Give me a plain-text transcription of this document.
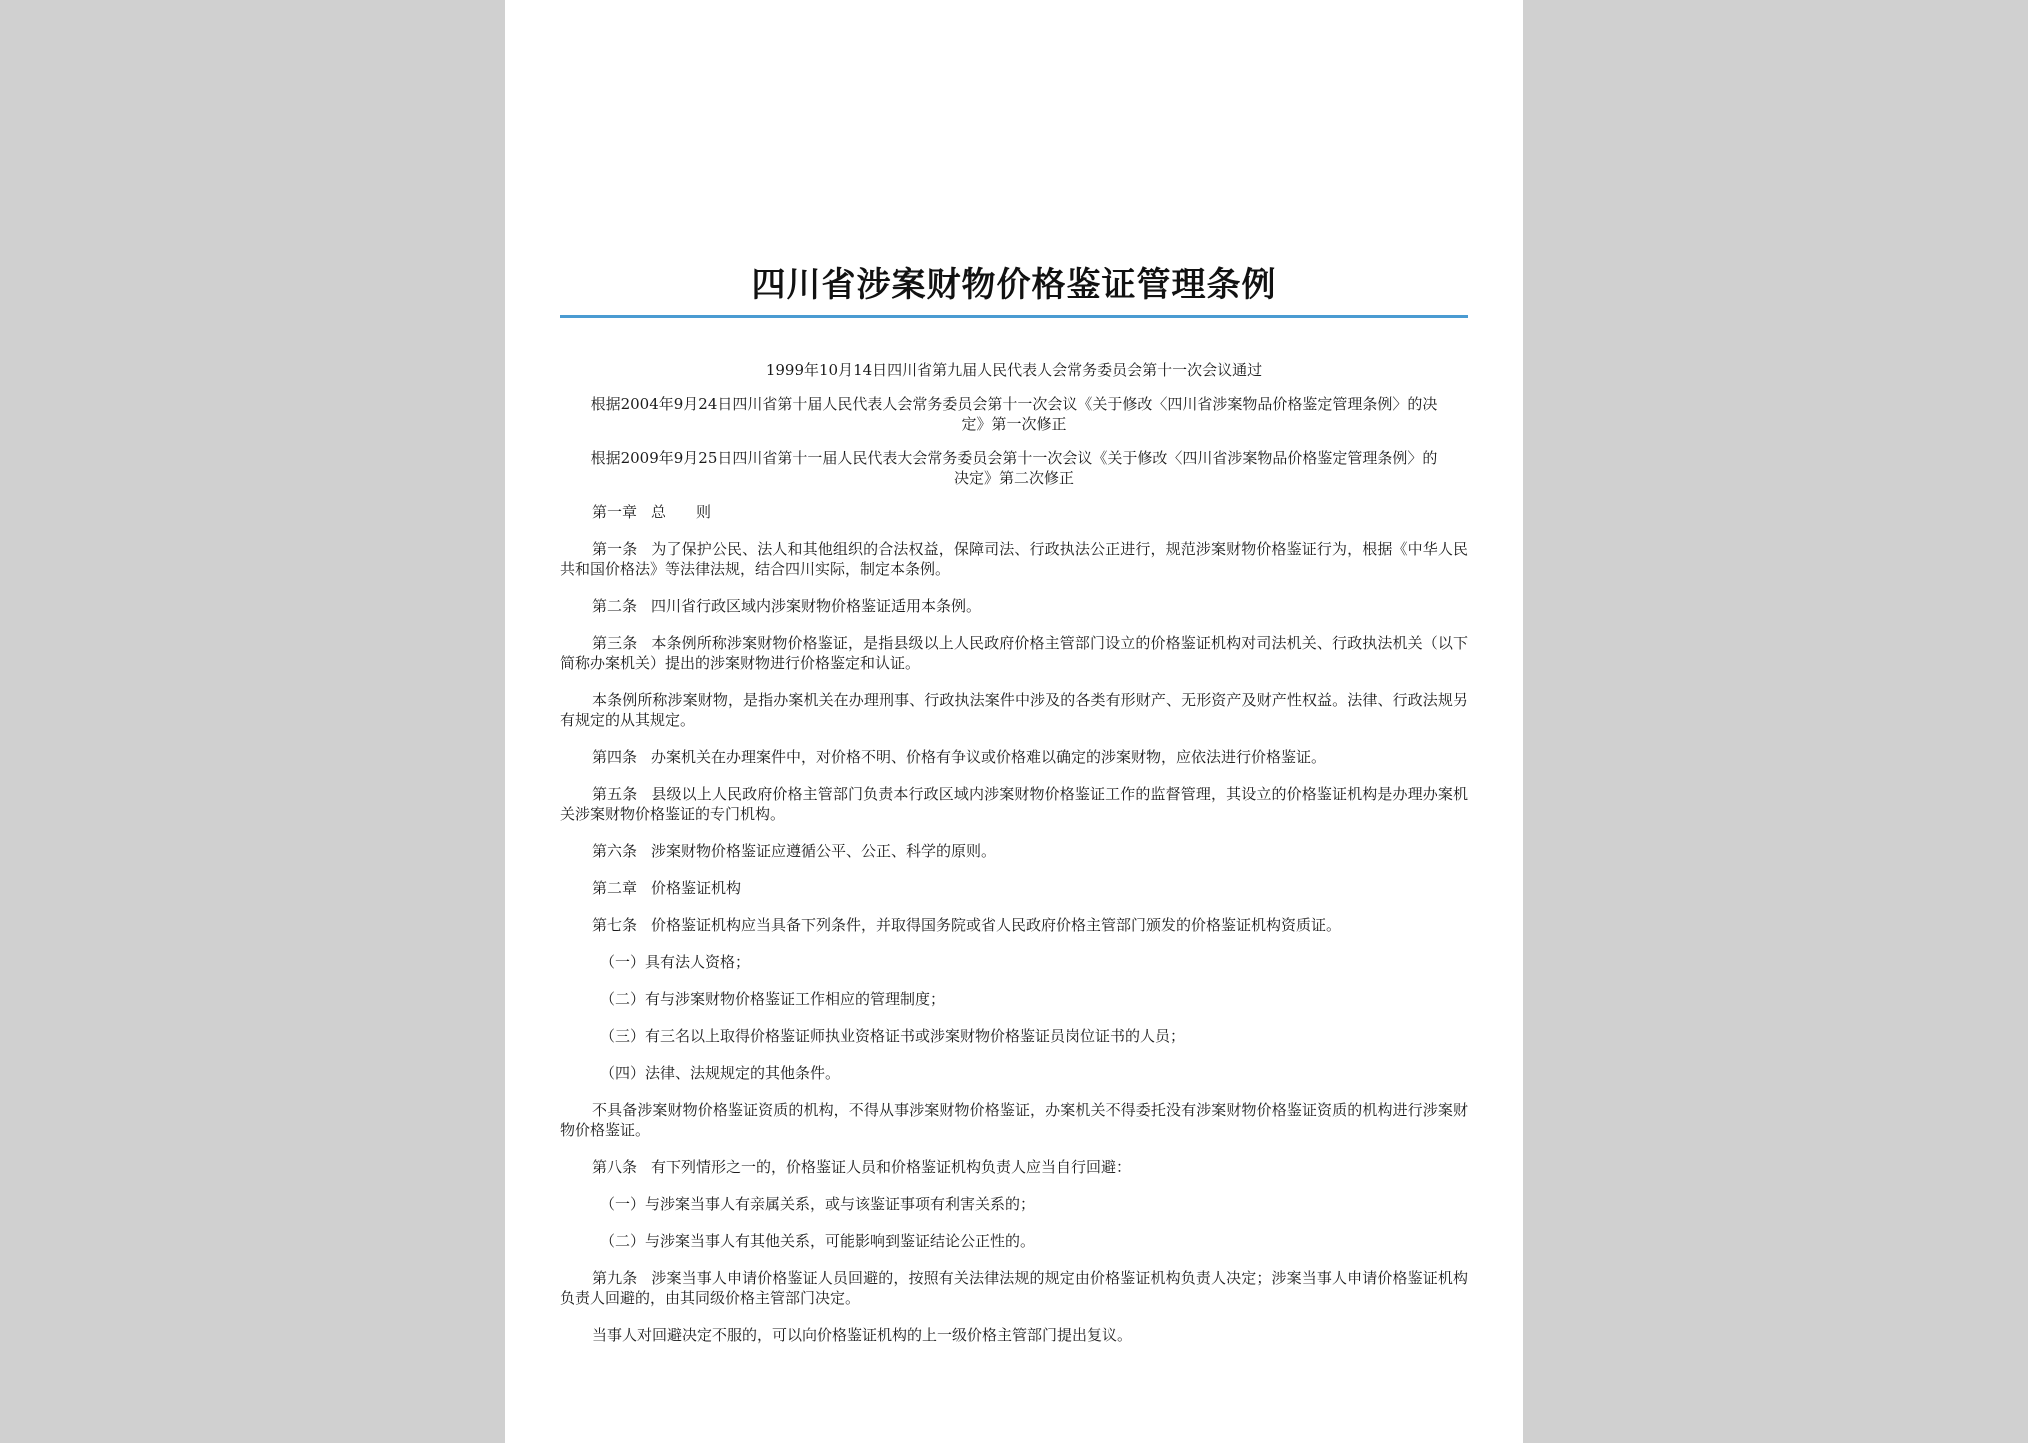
四川省涉案财物价格鉴证管理条例

1999年10月14日四川省第九届人民代表人会常务委员会第十一次会议通过

根据2004年9月24日四川省第十届人民代表人会常务委员会第十一次会议《关于修改〈四川省涉案物品价格鉴定管理条例〉的决定》第一次修正

根据2009年9月25日四川省第十一届人民代表大会常务委员会第十一次会议《关于修改〈四川省涉案物品价格鉴定管理条例〉的决定》第二次修正

第一章 总　　则

第一条 为了保护公民、法人和其他组织的合法权益，保障司法、行政执法公正进行，规范涉案财物价格鉴证行为，根据《中华人民共和国价格法》等法律法规，结合四川实际，制定本条例。

第二条 四川省行政区域内涉案财物价格鉴证适用本条例。

第三条 本条例所称涉案财物价格鉴证，是指县级以上人民政府价格主管部门设立的价格鉴证机构对司法机关、行政执法机关（以下简称办案机关）提出的涉案财物进行价格鉴定和认证。

本条例所称涉案财物，是指办案机关在办理刑事、行政执法案件中涉及的各类有形财产、无形资产及财产性权益。法律、行政法规另有规定的从其规定。

第四条 办案机关在办理案件中，对价格不明、价格有争议或价格难以确定的涉案财物，应依法进行价格鉴证。

第五条 县级以上人民政府价格主管部门负责本行政区域内涉案财物价格鉴证工作的监督管理，其设立的价格鉴证机构是办理办案机关涉案财物价格鉴证的专门机构。

第六条 涉案财物价格鉴证应遵循公平、公正、科学的原则。

第二章 价格鉴证机构

第七条 价格鉴证机构应当具备下列条件，并取得国务院或省人民政府价格主管部门颁发的价格鉴证机构资质证。

（一）具有法人资格；

（二）有与涉案财物价格鉴证工作相应的管理制度；

（三）有三名以上取得价格鉴证师执业资格证书或涉案财物价格鉴证员岗位证书的人员；

（四）法律、法规规定的其他条件。

不具备涉案财物价格鉴证资质的机构，不得从事涉案财物价格鉴证，办案机关不得委托没有涉案财物价格鉴证资质的机构进行涉案财物价格鉴证。

第八条 有下列情形之一的，价格鉴证人员和价格鉴证机构负责人应当自行回避：

（一）与涉案当事人有亲属关系，或与该鉴证事项有利害关系的；

（二）与涉案当事人有其他关系，可能影响到鉴证结论公正性的。

第九条 涉案当事人申请价格鉴证人员回避的，按照有关法律法规的规定由价格鉴证机构负责人决定；涉案当事人申请价格鉴证机构负责人回避的，由其同级价格主管部门决定。

当事人对回避决定不服的，可以向价格鉴证机构的上一级价格主管部门提出复议。
